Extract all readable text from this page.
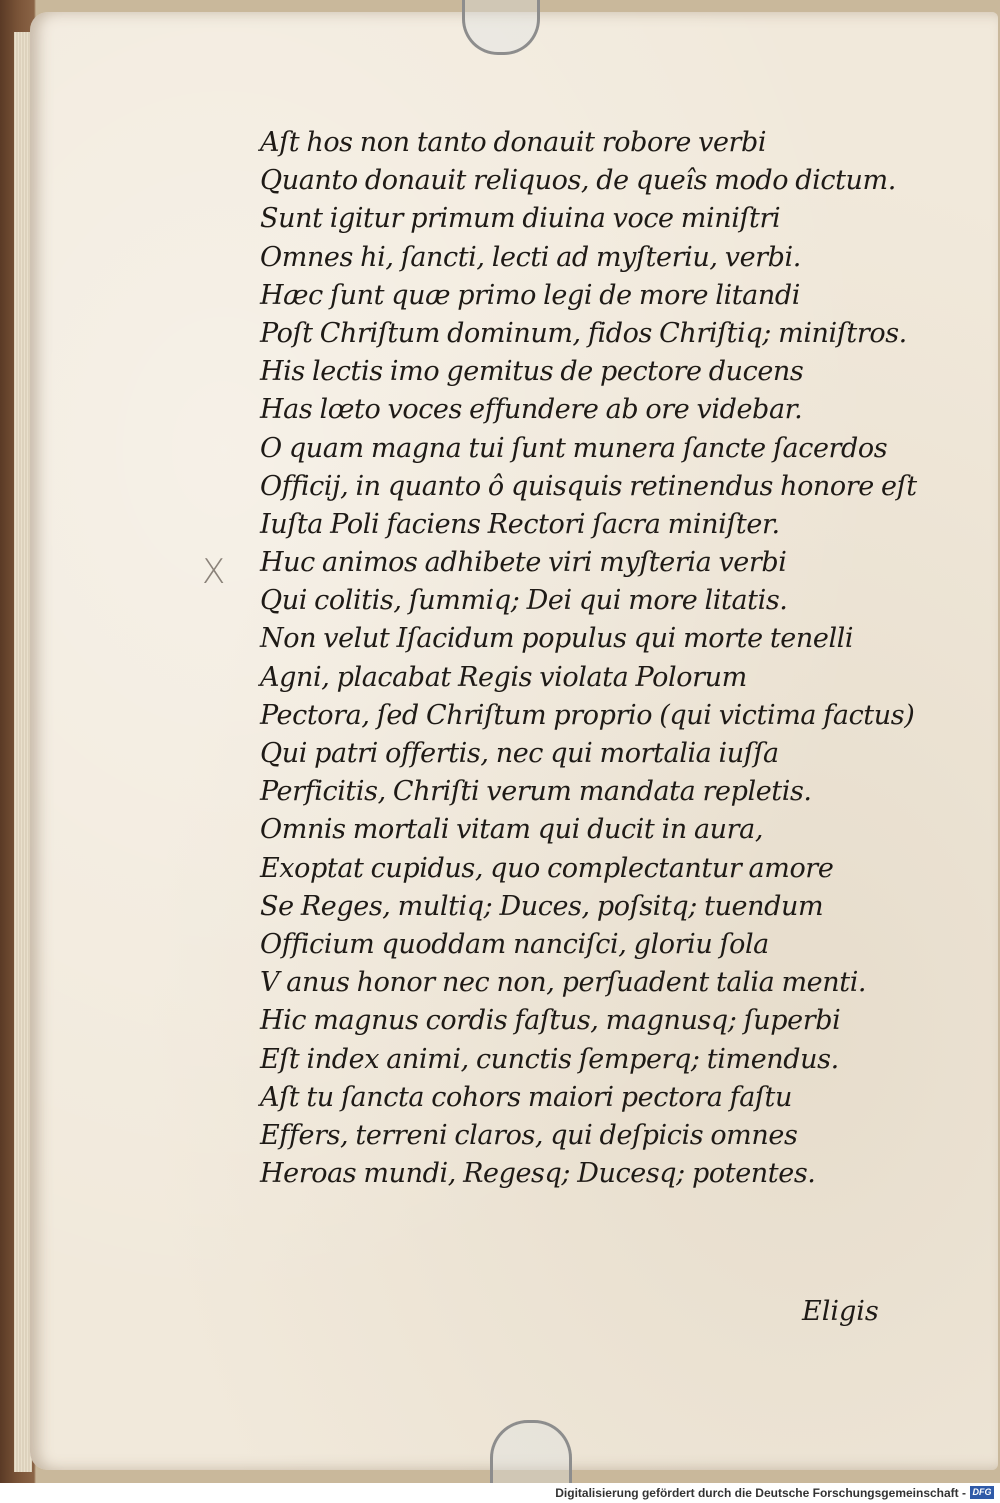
Aſt hos non tanto donauit robore verbi
Quanto donauit reliquos, de queîs modo dictum.
Sunt igitur primum diuina voce miniſtri
Omnes hi, ſancti, lecti ad myſteriu, verbi.
Hæc ſunt quæ primo legi de more litandi
Poſt Chriſtum dominum, fidos Chriſtiq; miniſtros.
His lectis imo gemitus de pectore ducens
Has lœto voces effundere ab ore videbar.
O quam magna tui ſunt munera ſancte ſacerdos
Officij, in quanto ô quisquis retinendus honore eſt
Iuſta Poli faciens Rectori ſacra miniſter.
Huc animos adhibete viri myſteria verbi
Qui colitis, ſummiq; Dei qui more litatis.
Non velut Iſacidum populus qui morte tenelli
Agni, placabat Regis violata Polorum
Pectora, ſed Chriſtum proprio (qui victima factus)
Qui patri offertis, nec qui mortalia iuſſa
Perficitis, Chriſti verum mandata repletis.
Omnis mortali vitam qui ducit in aura,
Exoptat cupidus, quo complectantur amore
Se Reges, multiq; Duces, poſsitq; tuendum
Officium quoddam nanciſci, gloriu ſola
V anus honor nec non, perſuadent talia menti.
Hic magnus cordis faſtus, magnusq; ſuperbi
Eſt index animi, cunctis ſemperq; timendus.
Aſt tu ſancta cohors maiori pectora faſtu
Effers, terreni claros, qui deſpicis omnes
Heroas mundi, Regesq; Ducesq; potentes.
Eligis
X
Digitalisierung gefördert durch die Deutsche Forschungsgemeinschaft - DFG
